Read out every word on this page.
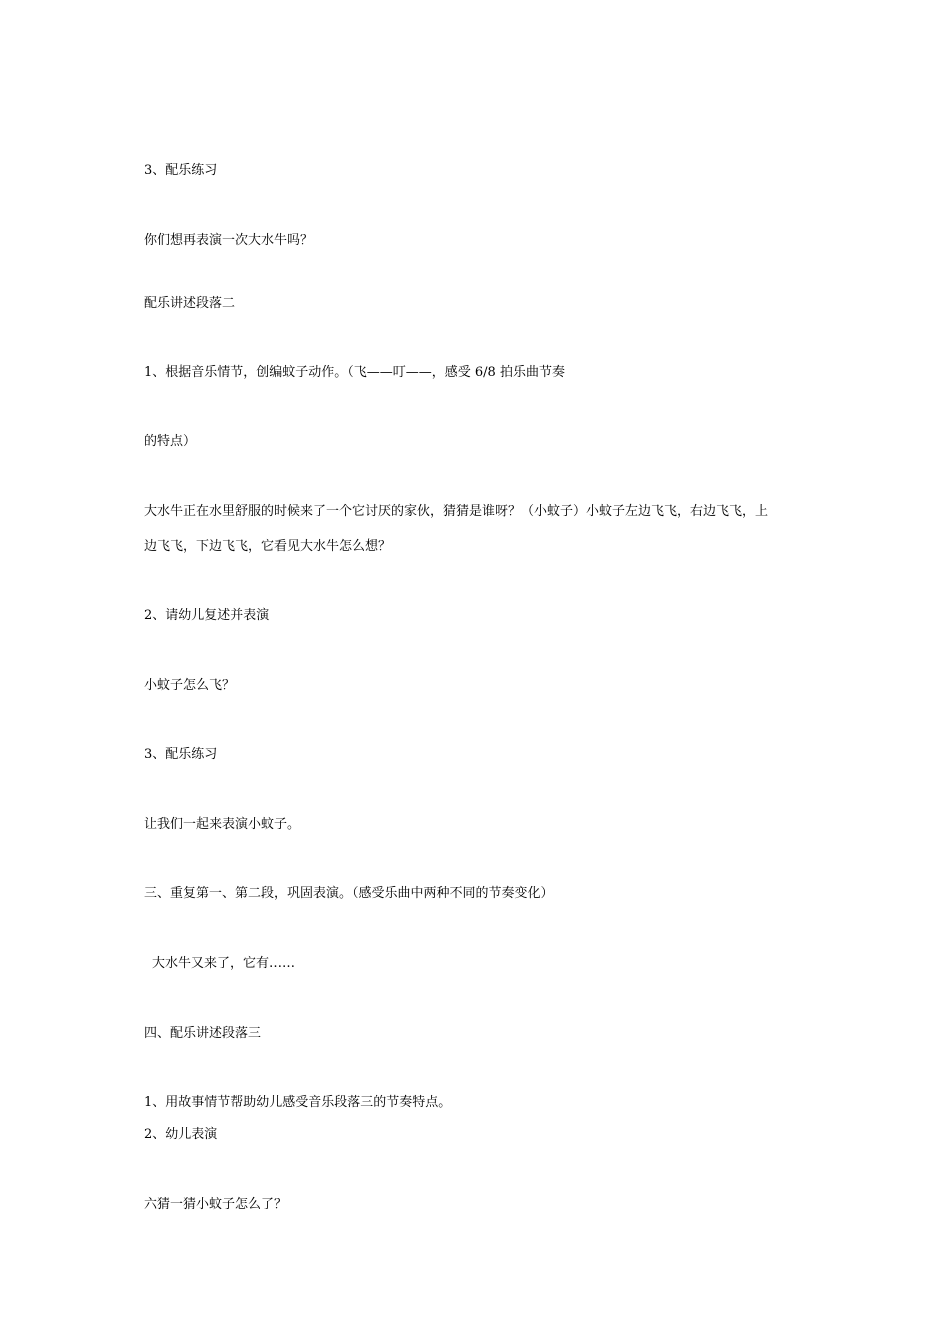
3、配乐练习
你们想再表演一次大水牛吗？
配乐讲述段落二
1、根据音乐情节，创编蚊子动作。（飞——叮——，感受 6/8 拍乐曲节奏
的特点）
大水牛正在水里舒服的时候来了一个它讨厌的家伙，猜猜是谁呀？（小蚊子）小蚊子左边飞飞，右边飞飞，上
边飞飞，下边飞飞，它看见大水牛怎么想？
2、请幼儿复述并表演
小蚊子怎么飞？
3、配乐练习
让我们一起来表演小蚊子。
三、重复第一、第二段，巩固表演。（感受乐曲中两种不同的节奏变化）
大水牛又来了，它有……
四、配乐讲述段落三
1、用故事情节帮助幼儿感受音乐段落三的节奏特点。
2、幼儿表演
六猜一猜小蚊子怎么了？
